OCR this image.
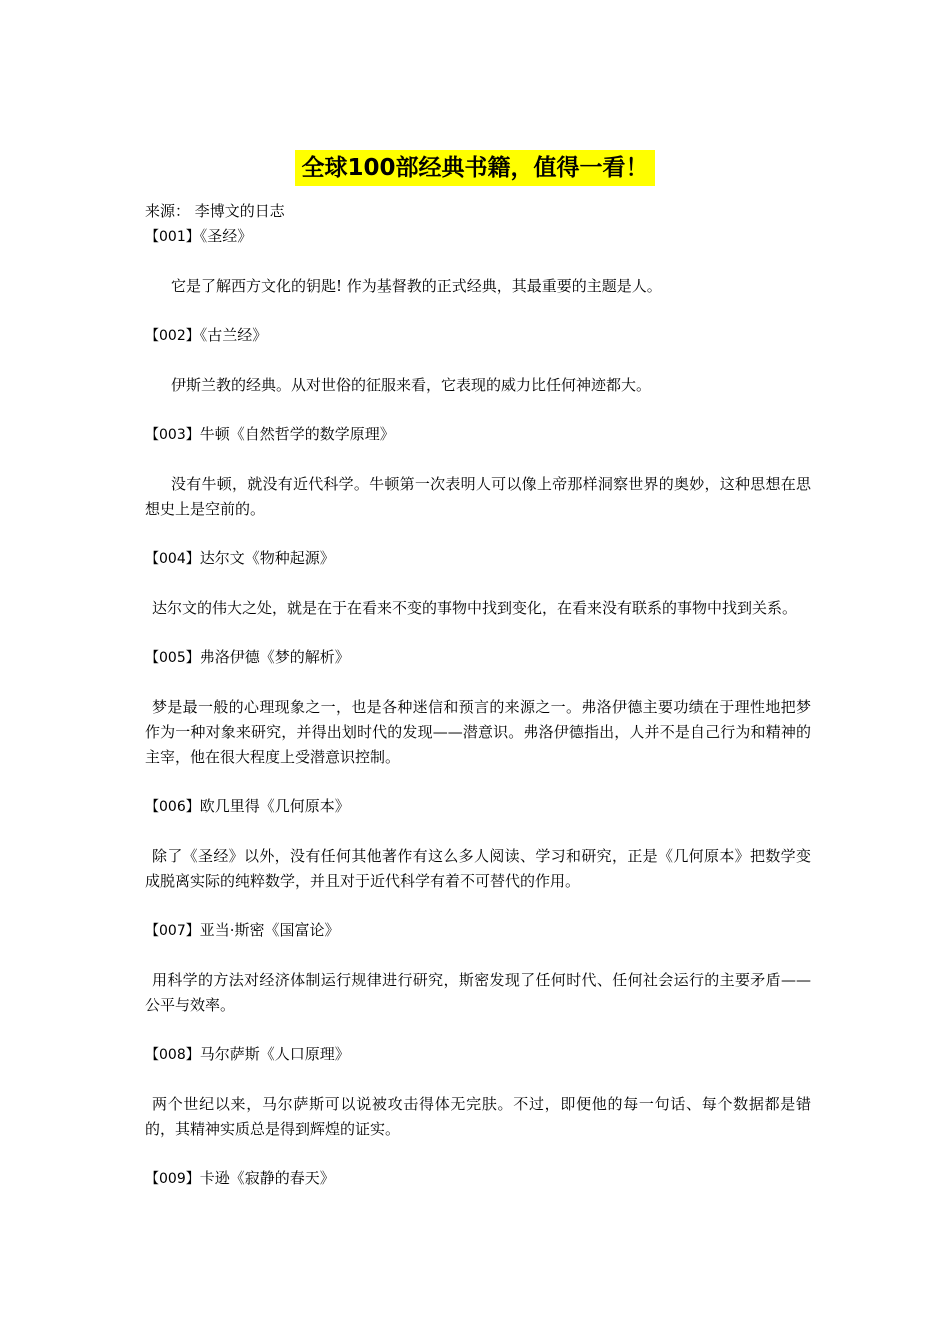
全球100部经典书籍，值得一看！

来源： 李博文的日志

【001】《圣经》

它是了解西方文化的钥匙! 作为基督教的正式经典，其最重要的主题是人。

【002】《古兰经》

伊斯兰教的经典。从对世俗的征服来看，它表现的威力比任何神迹都大。

【003】牛顿《自然哲学的数学原理》

没有牛顿，就没有近代科学。牛顿第一次表明人可以像上帝那样洞察世界的奥妙，这种思想在思想史上是空前的。

【004】达尔文《物种起源》

达尔文的伟大之处，就是在于在看来不变的事物中找到变化，在看来没有联系的事物中找到关系。

【005】弗洛伊德《梦的解析》

梦是最一般的心理现象之一，也是各种迷信和预言的来源之一。弗洛伊德主要功绩在于理性地把梦作为一种对象来研究，并得出划时代的发现——潜意识。弗洛伊德指出，人并不是自己行为和精神的主宰，他在很大程度上受潜意识控制。

【006】欧几里得《几何原本》

除了《圣经》以外，没有任何其他著作有这么多人阅读、学习和研究，正是《几何原本》把数学变成脱离实际的纯粹数学，并且对于近代科学有着不可替代的作用。

【007】亚当·斯密《国富论》

用科学的方法对经济体制运行规律进行研究，斯密发现了任何时代、任何社会运行的主要矛盾——公平与效率。

【008】马尔萨斯《人口原理》

两个世纪以来，马尔萨斯可以说被攻击得体无完肤。不过，即便他的每一句话、每个数据都是错的，其精神实质总是得到辉煌的证实。

【009】卡逊《寂静的春天》
